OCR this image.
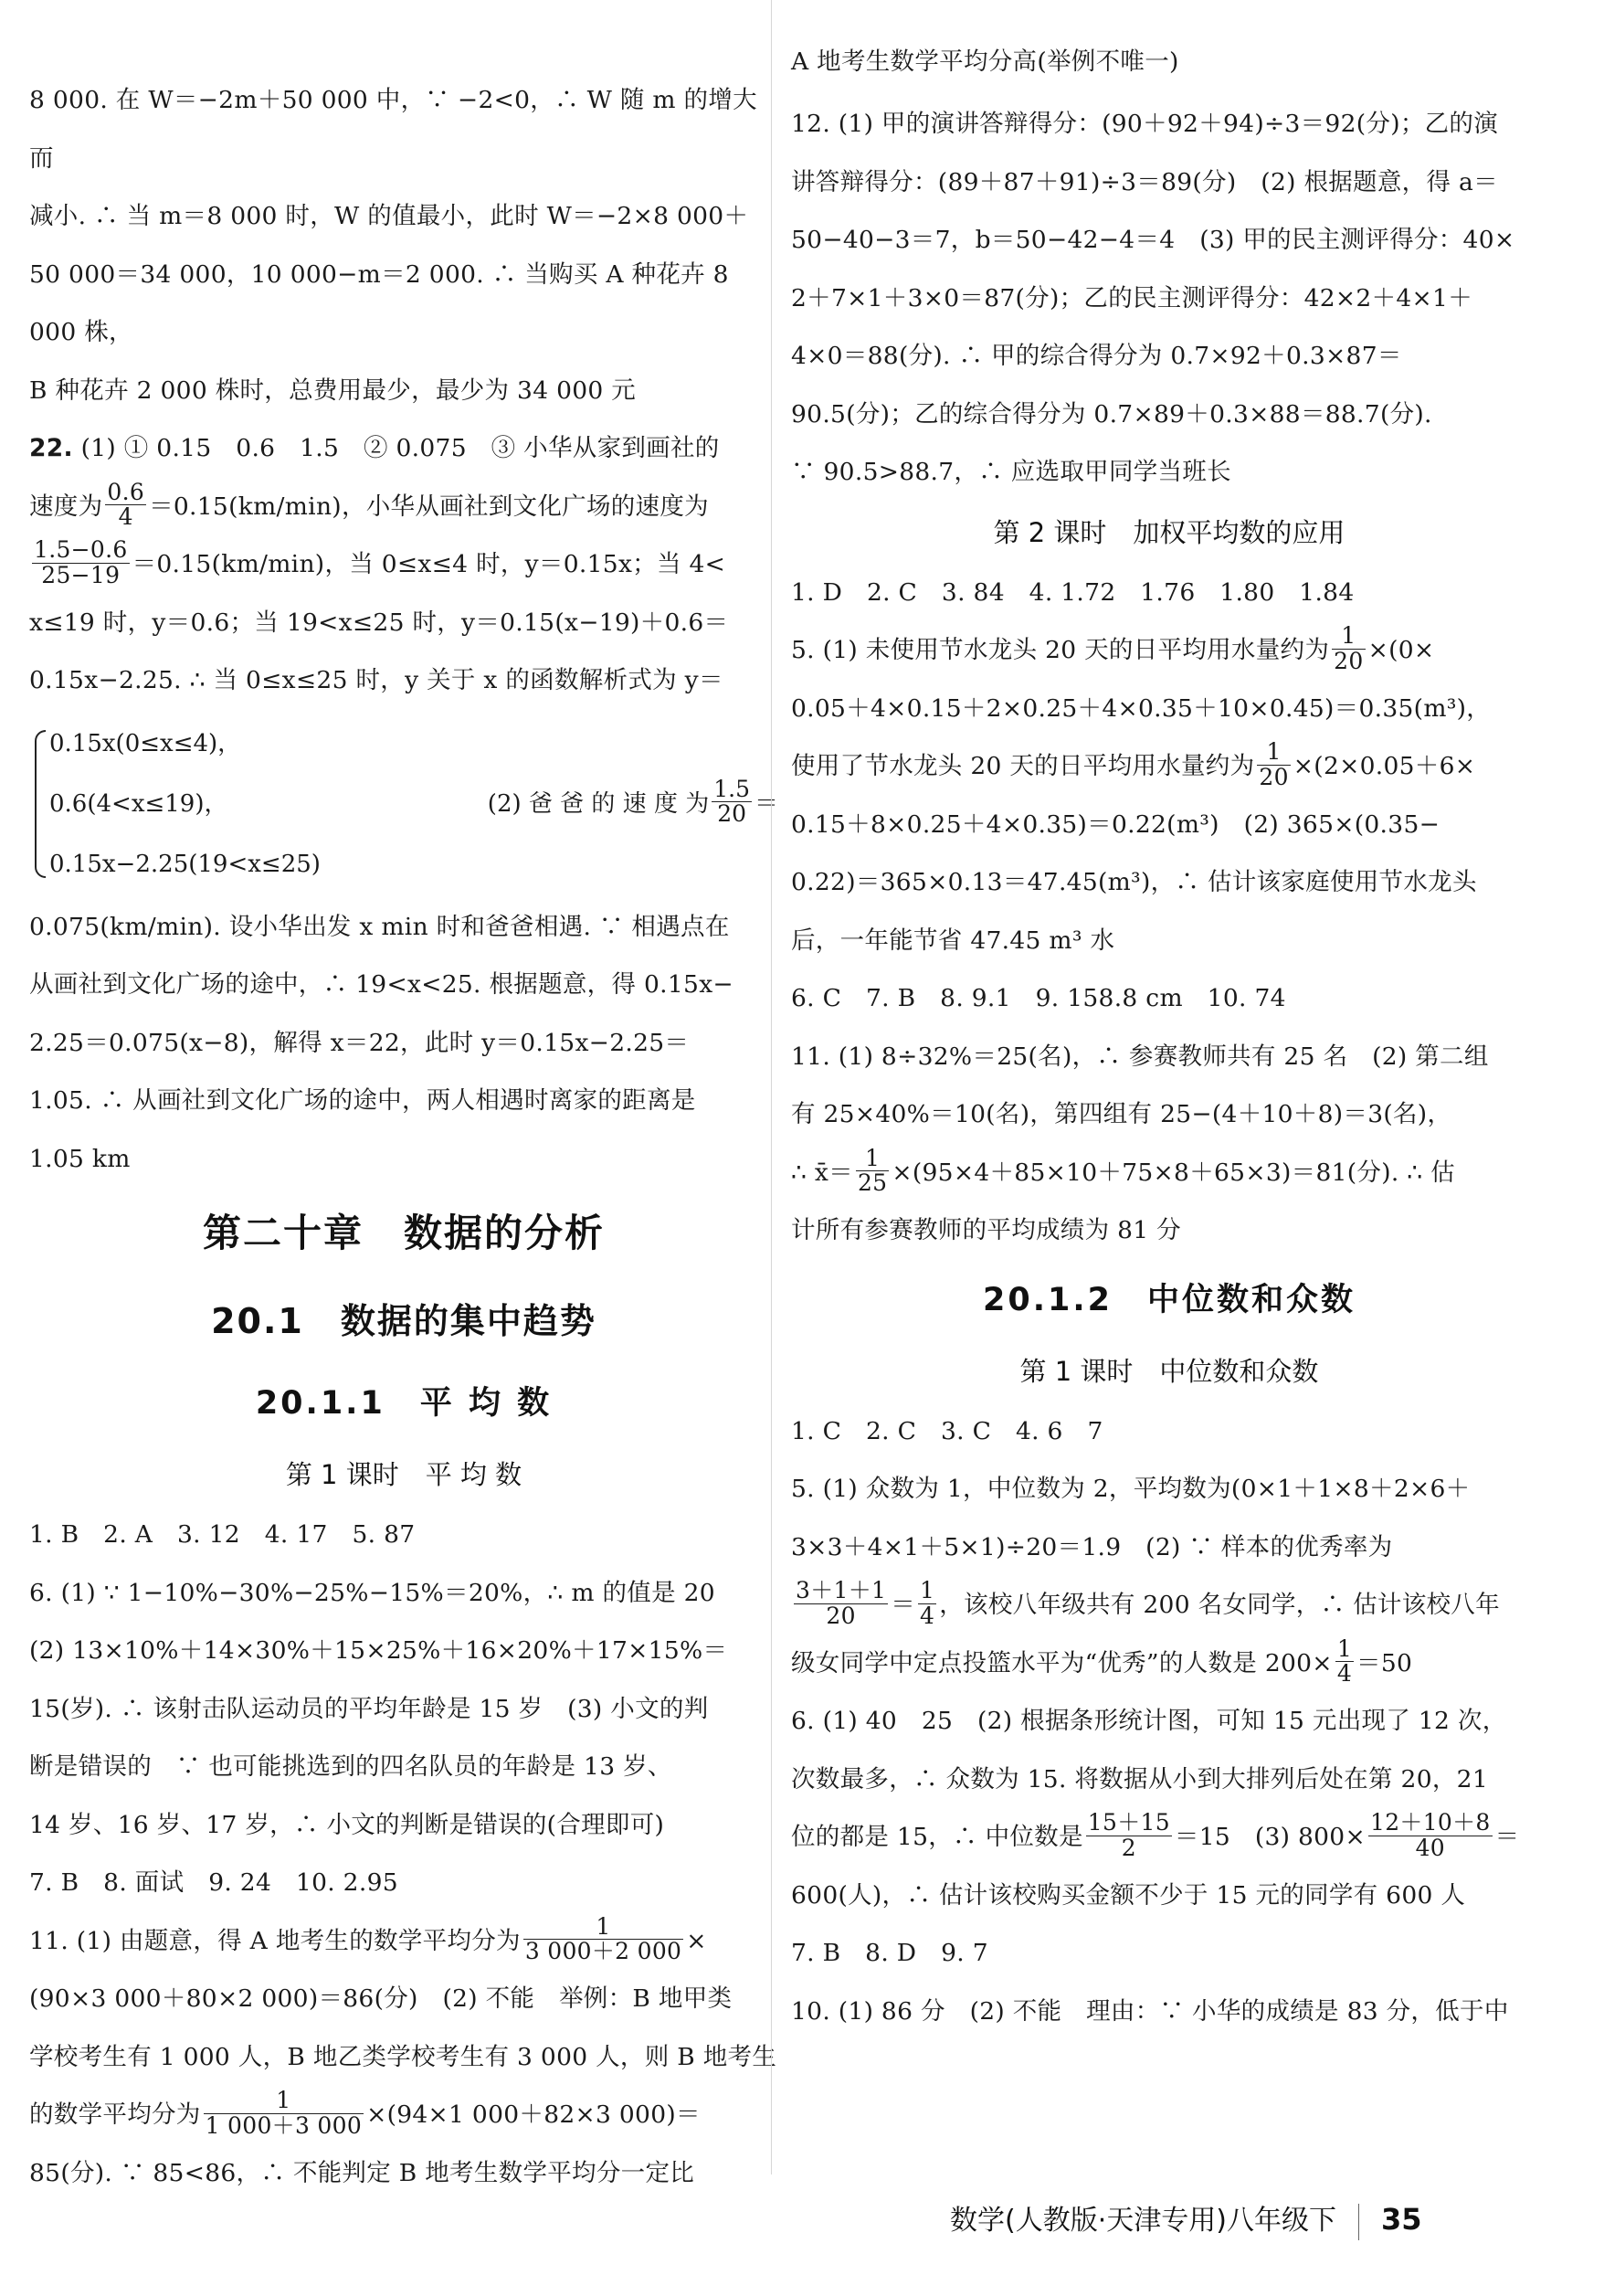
8 000. 在 W＝−2m＋50 000 中，∵ −2<0，∴ W 随 m 的增大而

减小. ∴ 当 m＝8 000 时，W 的值最小，此时 W＝−2×8 000＋

50 000＝34 000，10 000−m＝2 000. ∴ 当购买 A 种花卉 8 000 株，

B 种花卉 2 000 株时，总费用最少，最少为 34 000 元

22. (1) ① 0.15　0.6　1.5　② 0.075　③ 小华从家到画社的

速度为 $\frac{0.6}{4} =0.15(km/\min)$，小华从画社到文化广场的速度为

$\frac{1.5-0.6}{25-19} =0.15(km/\min)$，当 0≤x≤4 时，y＝0.15x；当 4<

x≤19 时，y＝0.6；当 19<x≤25 时，y＝0.15(x−19)＋0.6＝

0.15x−2.25. ∴ 当 0≤x≤25 时，y 关于 x 的函数解析式为 y＝

0.15x(0≤x≤4)，
0.6(4<x≤19)，	(2) 爸 爸 的 速 度 为 $\frac{1.5}{20}$ ＝
0.15x−2.25(19<x≤25)

0.075(km/min). 设小华出发 x min 时和爸爸相遇. ∵ 相遇点在

从画社到文化广场的途中，∴ 19<x<25. 根据题意，得 0.15x−

2.25＝0.075(x−8)，解得 x＝22，此时 y＝0.15x−2.25＝

1.05. ∴ 从画社到文化广场的途中，两人相遇时离家的距离是

1.05 km

第二十章　数据的分析
20.1　数据的集中趋势
20.1.1　平 均 数
第 1 课时　平 均 数

1. B　2. A　3. 12　4. 17　5. 87

6. (1) ∵ 1−10%−30%−25%−15%＝20%，∴ m 的值是 20

(2) 13×10%＋14×30%＋15×25%＋16×20%＋17×15%＝

15(岁). ∴ 该射击队运动员的平均年龄是 15 岁　(3) 小文的判

断是错误的　∵ 也可能挑选到的四名队员的年龄是 13 岁、

14 岁、16 岁、17 岁，∴ 小文的判断是错误的(合理即可)

7. B　8. 面试　9. 24　10. 2.95

11. (1) 由题意，得 A 地考生的数学平均分为 $\frac{1}{3 000+2 000}$ ×

(90×3 000＋80×2 000)＝86(分)　(2) 不能　举例：B 地甲类

学校考生有 1 000 人，B 地乙类学校考生有 3 000 人，则 B 地考生

的数学平均分为 $\frac{1}{1 000+3 000} \times(94\times 1$ 000＋82×3 000)＝

85(分). ∵ 85<86，∴ 不能判定 B 地考生数学平均分一定比

A 地考生数学平均分高(举例不唯一)

12. (1) 甲的演讲答辩得分：(90＋92＋94)÷3＝92(分)；乙的演

讲答辩得分：(89＋87＋91)÷3＝89(分)　(2) 根据题意，得 a＝

50−40−3＝7，b＝50−42−4＝4　(3) 甲的民主测评得分：40×

2＋7×1＋3×0＝87(分)；乙的民主测评得分：42×2＋4×1＋

4×0＝88(分). ∴ 甲的综合得分为 0.7×92＋0.3×87＝

90.5(分)；乙的综合得分为 0.7×89＋0.3×88＝88.7(分).

∵ 90.5>88.7，∴ 应选取甲同学当班长

第 2 课时　加权平均数的应用

1. D　2. C　3. 84　4. 1.72　1.76　1.80　1.84

5. (1) 未使用节水龙头 20 天的日平均用水量约为 $\frac{1}{20} \times(0\times$

0.05＋4×0.15＋2×0.25＋4×0.35＋10×0.45)＝0.35(m³)，

使用了节水龙头 20 天的日平均用水量约为 $\frac{1}{20} \times(2\times 0.05+6\times$

0.15＋8×0.25＋4×0.35)＝0.22(m³)　(2) 365×(0.35−

0.22)＝365×0.13＝47.45(m³)，∴ 估计该家庭使用节水龙头

后，一年能节省 47.45 m³ 水

6. C　7. B　8. 9.1　9. 158.8 cm　10. 74

11. (1) 8÷32%＝25(名)，∴ 参赛教师共有 25 名　(2) 第二组

有 25×40%＝10(名)，第四组有 25−(4＋10＋8)＝3(名)，

∴ x̄＝ $\frac{1}{25} \times(95\times 4+85\times 10+75\times 8+65\times 3)=81$(分). ∴ 估

计所有参赛教师的平均成绩为 81 分

20.1.2　中位数和众数
第 1 课时　中位数和众数

1. C　2. C　3. C　4. 6　7

5. (1) 众数为 1，中位数为 2，平均数为(0×1＋1×8＋2×6＋

3×3＋4×1＋5×1)÷20＝1.9　(2) ∵ 样本的优秀率为

$\frac{3+1+1}{20} = \frac{1}{4}$ ，该校八年级共有 200 名女同学，∴ 估计该校八年

级女同学中定点投篮水平为“优秀”的人数是 $200\times \frac{1}{4} =50$

6. (1) 40　25　(2) 根据条形统计图，可知 15 元出现了 12 次，

次数最多，∴ 众数为 15. 将数据从小到大排列后处在第 20，21

位的都是 15，∴ 中位数是 $\frac{15+15}{2} =15$　(3) $800\times \frac{12+10+8}{40}$ ＝

600(人)，∴ 估计该校购买金额不少于 15 元的同学有 600 人

7. B　8. D　9. 7

10. (1) 86 分　(2) 不能　理由：∵ 小华的成绩是 83 分，低于中

数学(人教版·天津专用)八年级下 35
